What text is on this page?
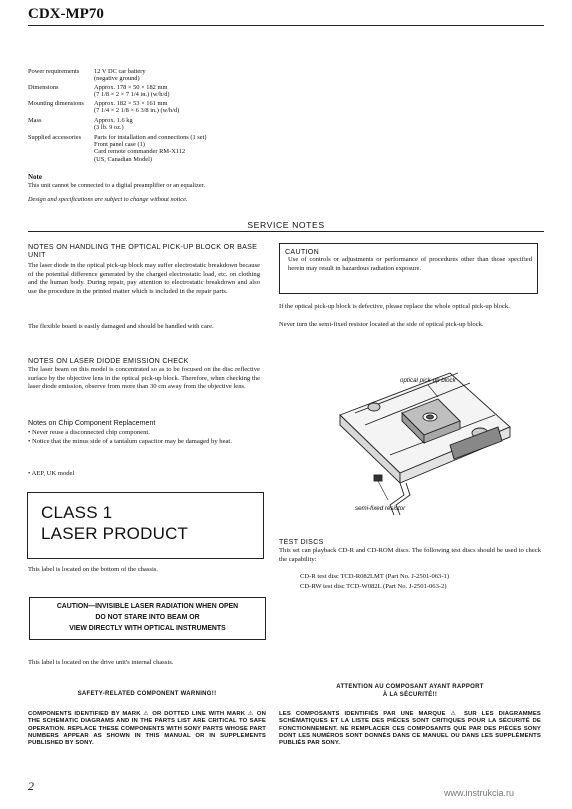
CDX-MP70
Power requirements	12 V DC car battery
(negative ground)
Dimensions	Approx. 178 × 50 × 182 mm
(7 1/8 × 2 × 7 1/4 in.) (w/h/d)
Mounting dimensions	Approx. 182 × 53 × 161 mm
(7 1/4 × 2 1/8 × 6 3/8 in.) (w/h/d)
Mass	Approx. 1.6 kg
(3 lb. 9 oz.)
Supplied accessories	Parts for installation and connections (1 set)
Front panel case (1)
Card remote commander RM-X112
(US, Canadian Model)
Note
This unit cannot be connected to a digital preamplifier or an equalizer.
Design and specifications are subject to change without notice.
SERVICE NOTES
NOTES ON HANDLING THE OPTICAL PICK-UP BLOCK OR BASE UNIT
The laser diode in the optical pick-up block may suffer electrostatic breakdown because of the potential difference generated by the charged electrostatic load, etc. on clothing and the human body. During repair, pay attention to electrostatic breakdown and also use the procedure in the printed matter which is included in the repair parts.
The flexible board is easily damaged and should be handled with care.
NOTES ON LASER DIODE EMISSION CHECK
The laser beam on this model is concentrated so as to be focused on the disc reflective surface by the objective lens in the optical pick-up block. Therefore, when checking the laser diode emission, observe from more than 30 cm away from the objective lens.
Notes on Chip Component Replacement
• Never reuse a disconnected chip component.
• Notice that the minus side of a tantalum capacitor may be damaged by heat.
• AEP, UK model
CLASS 1
LASER PRODUCT
This label is located on the bottom of the chassis.
CAUTION—INVISIBLE LASER RADIATION WHEN OPEN
DO NOT STARE INTO BEAM OR
VIEW DIRECTLY WITH OPTICAL INSTRUMENTS
This label is located on the drive unit's internal chassis.
CAUTION
Use of controls or adjustments or performance of procedures other than those specified herein may result in hazardous radiation exposure.
If the optical pick-up block is defective, please replace the whole optical pick-up block.
Never turn the semi-fixed resistor located at the side of optical pick-up block.
optical pick-up block
semi-fixed resistor
TEST DISCS
This set can playback CD-R and CD-ROM discs. The following test discs should be used to check the capability:
CD-R test disc TCD-R082LMT (Part No. J-2501-063-1)
CD-RW test disc TCD-W082L (Part No. J-2501-063-2)
SAFETY-RELATED COMPONENT WARNING!!
COMPONENTS IDENTIFIED BY MARK ⚠ OR DOTTED LINE WITH MARK ⚠ ON THE SCHEMATIC DIAGRAMS AND IN THE PARTS LIST ARE CRITICAL TO SAFE OPERATION. REPLACE THESE COMPONENTS WITH SONY PARTS WHOSE PART NUMBERS APPEAR AS SHOWN IN THIS MANUAL OR IN SUPPLEMENTS PUBLISHED BY SONY.
ATTENTION AU COMPOSANT AYANT RAPPORT
À LA SÉCURITÉ!!
LES COMPOSANTS IDENTIFIÉS PAR UNE MARQUE ⚠ SUR LES DIAGRAMMES SCHÉMATIQUES ET LA LISTE DES PIÈCES SONT CRITIQUES POUR LA SÉCURITÉ DE FONCTIONNEMENT. NE REMPLACER CES COMPOSANTS QUE PAR DES PIÈCES SONY DONT LES NUMÉROS SONT DONNÉS DANS CE MANUEL OU DANS LES SUPPLÉMENTS PUBLIÉS PAR SONY.
2	www.instrukcia.ru
